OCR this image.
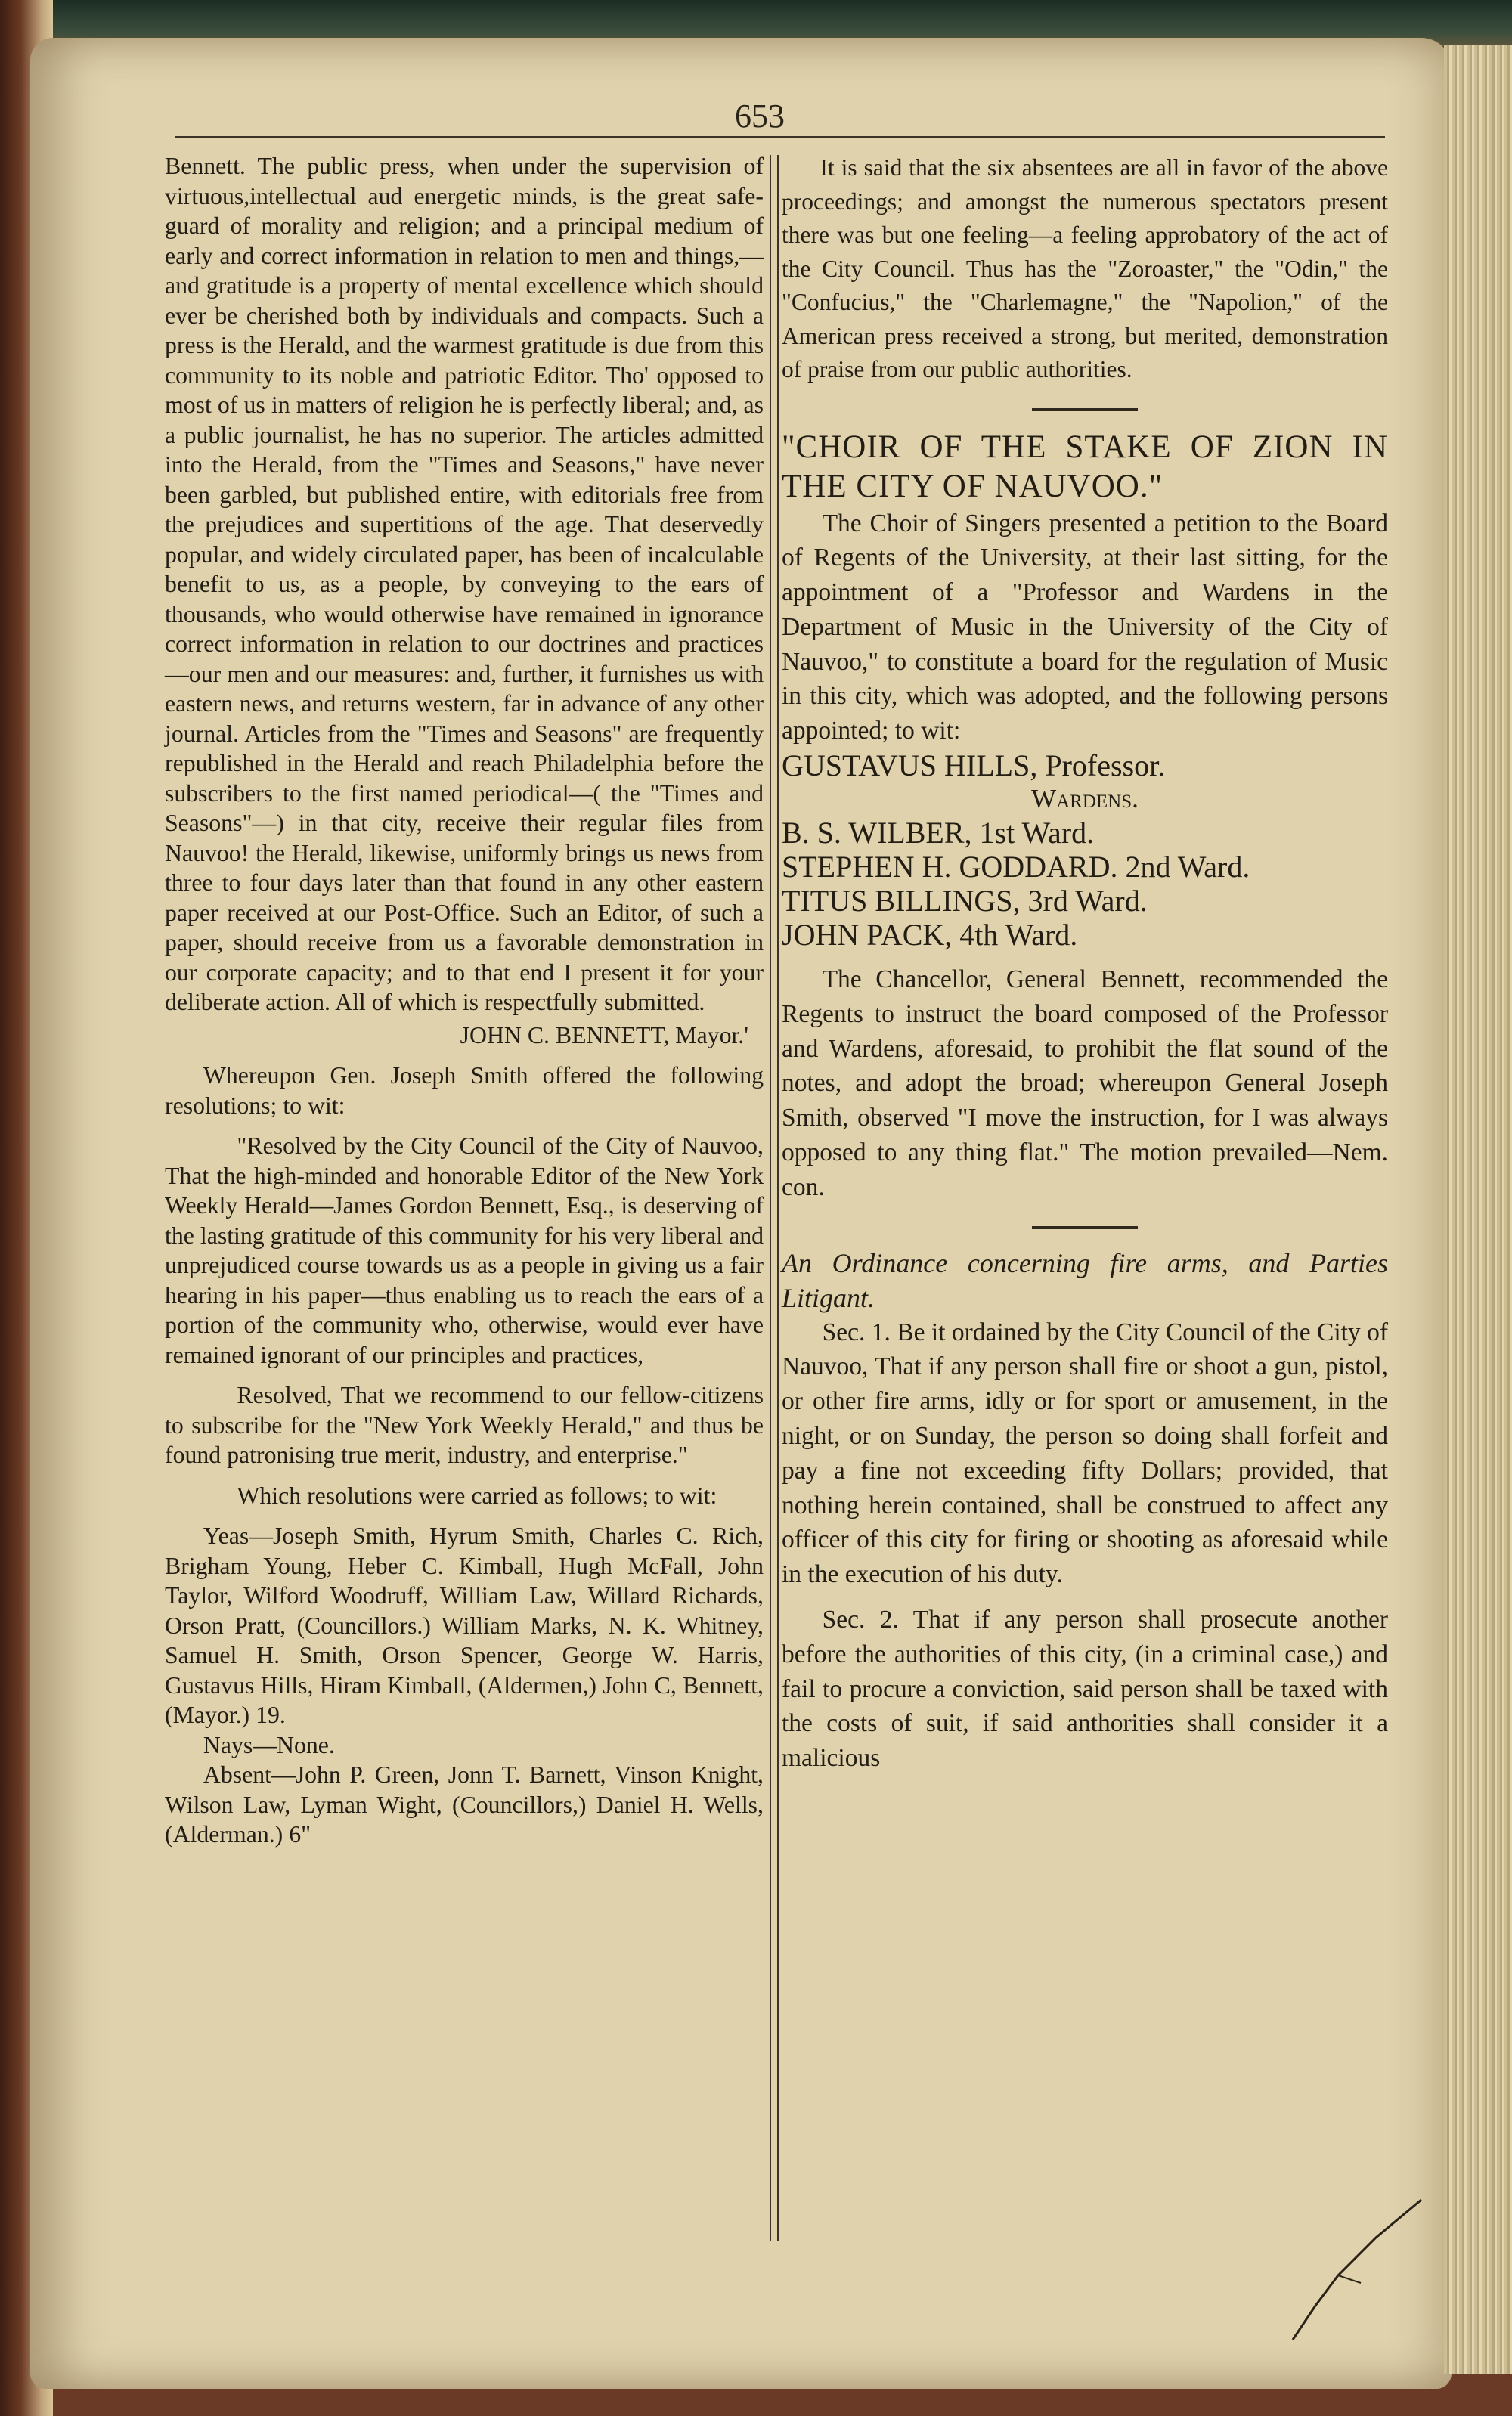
653

Bennett. The public press, when under the supervision of virtuous,intellectual aud energetic minds, is the great safe-guard of morality and religion; and a principal medium of early and correct information in relation to men and things,—and gratitude is a property of mental excellence which should ever be cherished both by individuals and compacts. Such a press is the Herald, and the warmest gratitude is due from this community to its noble and patriotic Editor. Tho' opposed to most of us in matters of religion he is perfectly liberal; and, as a public journalist, he has no superior. The articles admitted into the Herald, from the "Times and Seasons," have never been garbled, but published entire, with editorials free from the prejudices and supertitions of the age. That deservedly popular, and widely circulated paper, has been of incalculable benefit to us, as a people, by conveying to the ears of thousands, who would otherwise have remained in ignorance correct information in relation to our doctrines and practices—our men and our measures: and, further, it furnishes us with eastern news, and returns western, far in advance of any other journal. Articles from the "Times and Seasons" are frequently republished in the Herald and reach Philadelphia before the subscribers to the first named periodical—( the "Times and Seasons"—) in that city, receive their regular files from Nauvoo! the Herald, likewise, uniformly brings us news from three to four days later than that found in any other eastern paper received at our Post-Office. Such an Editor, of such a paper, should receive from us a favorable demonstration in our corporate capacity; and to that end I present it for your deliberate action. All of which is respectfully submitted.

JOHN C. BENNETT, Mayor.'

Whereupon Gen. Joseph Smith offered the following resolutions; to wit:

"Resolved by the City Council of the City of Nauvoo, That the high-minded and honorable Editor of the New York Weekly Herald—James Gordon Bennett, Esq., is deserving of the lasting gratitude of this community for his very liberal and unprejudiced course towards us as a people in giving us a fair hearing in his paper—thus enabling us to reach the ears of a portion of the community who, otherwise, would ever have remained ignorant of our principles and practices,

Resolved, That we recommend to our fellow-citizens to subscribe for the "New York Weekly Herald," and thus be found patronising true merit, industry, and enterprise."

Which resolutions were carried as follows; to wit:

Yeas—Joseph Smith, Hyrum Smith, Charles C. Rich, Brigham Young, Heber C. Kimball, Hugh McFall, John Taylor, Wilford Woodruff, William Law, Willard Richards, Orson Pratt, (Councillors.) William Marks, N. K. Whitney, Samuel H. Smith, Orson Spencer, George W. Harris, Gustavus Hills, Hiram Kimball, (Aldermen,) John C, Bennett, (Mayor.) 19.

Nays—None.

Absent—John P. Green, Jonn T. Barnett, Vinson Knight, Wilson Law, Lyman Wight, (Councillors,) Daniel H. Wells, (Alderman.) 6"

It is said that the six absentees are all in favor of the above proceedings; and amongst the numerous spectators present there was but one feeling—a feeling approbatory of the act of the City Council. Thus has the "Zoroaster," the "Odin," the "Confucius," the "Charlemagne," the "Napolion," of the American press received a strong, but merited, demonstration of praise from our public authorities.

"CHOIR OF THE STAKE OF ZION IN THE CITY OF NAUVOO."

The Choir of Singers presented a petition to the Board of Regents of the University, at their last sitting, for the appointment of a "Professor and Wardens in the Department of Music in the University of the City of Nauvoo," to constitute a board for the regulation of Music in this city, which was adopted, and the following persons appointed; to wit:

GUSTAVUS HILLS, Professor.

Wardens.

B. S. WILBER, 1st Ward.

STEPHEN H. GODDARD. 2nd Ward.

TITUS BILLINGS, 3rd Ward.

JOHN PACK, 4th Ward.

The Chancellor, General Bennett, recommended the Regents to instruct the board composed of the Professor and Wardens, aforesaid, to prohibit the flat sound of the notes, and adopt the broad; whereupon General Joseph Smith, observed "I move the instruction, for I was always opposed to any thing flat." The motion prevailed—Nem. con.

An Ordinance concerning fire arms, and Parties Litigant.

Sec. 1. Be it ordained by the City Council of the City of Nauvoo, That if any person shall fire or shoot a gun, pistol, or other fire arms, idly or for sport or amusement, in the night, or on Sunday, the person so doing shall forfeit and pay a fine not exceeding fifty Dollars; provided, that nothing herein contained, shall be construed to affect any officer of this city for firing or shooting as aforesaid while in the execution of his duty.

Sec. 2. That if any person shall prosecute another before the authorities of this city, (in a criminal case,) and fail to procure a conviction, said person shall be taxed with the costs of suit, if said anthorities shall consider it a malicious
